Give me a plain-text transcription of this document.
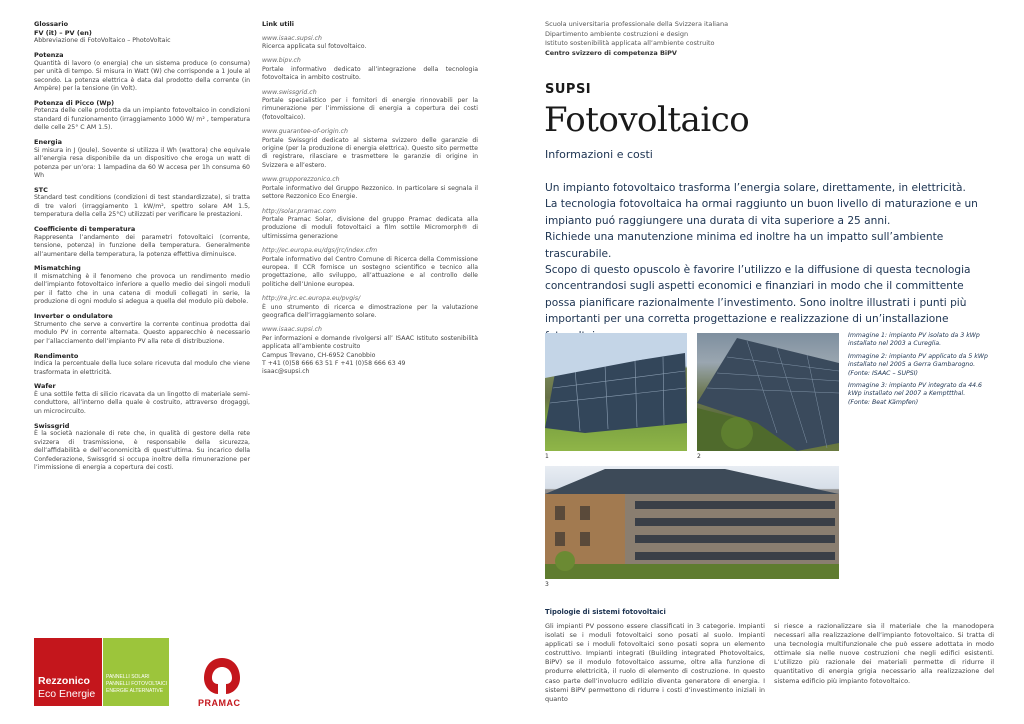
Glossario
FV (it) – PV (en)
Abbreviazione di FotoVoltaico – PhotoVoltaic
Potenza
Quantità di lavoro (o energia) che un sistema produce (o consuma) per unità di tempo. Si misura in Watt (W) che corrisponde a 1 Joule al secondo. La potenza elettrica è data dal prodotto della corrente (in Ampère) per la tensione (in Volt).
Potenza di Picco (Wp)
Potenza delle celle prodotta da un impianto fotovoltaico in condizioni standard di funzionamento (irraggiamento 1000 W/ m² , temperatura delle celle 25° C AM 1.5).
Energia
Si misura in J (Joule). Sovente si utilizza il Wh (wattora) che equivale all’energia resa disponibile da un dispositivo che eroga un watt di potenza per un’ora: 1 lampadina da 60 W accesa per 1h consuma 60 Wh
STC
Standard test conditions (condizioni di test standardizzate), si tratta di tre valori (irraggiamento 1 kW/m², spettro solare AM 1.5, temperatura della cella 25°C) utilizzati per verificare le prestazioni.
Coefficiente di temperatura
Rappresenta l’andamento dei parametri fotovoltaici (corrente, tensione, potenza) in funzione della temperatura. Generalmente all’aumentare della temperatura, la potenza effettiva diminuisce.
Mismatching
Il mismatching è il fenomeno che provoca un rendimento medio dell’impianto fotovoltaico inferiore a quello medio dei singoli moduli per il fatto che in una catena di moduli collegati in serie, la produzione di ogni modulo si adegua a quella del modulo più debole.
Inverter o ondulatore
Strumento che serve a convertire la corrente continua prodotta dai modulo PV in corrente alternata. Questo apparecchio è necessario per l’allacciamento dell’impianto PV alla rete di distribuzione.
Rendimento
Indica la percentuale della luce solare ricevuta dal modulo che viene trasformata in elettricità.
Wafer
È una sottile fetta di silicio ricavata da un lingotto di materiale semi-conduttore, all’interno della quale è costruito, attraverso drogaggi, un microcircuito.
Swissgrid
È la società nazionale di rete che, in qualità di gestore della rete svizzera di trasmissione, è responsabile della sicurezza, dell’affidabilità e dell’economicità di quest’ultima. Su incarico della Confederazione, Swissgrid si occupa inoltre della rimunerazione per l’immissione di energia a copertura dei costi.
Link utili
www.isaac.supsi.ch
Ricerca applicata sul fotovoltaico.
www.bipv.ch
Portale informativo dedicato all’integrazione della tecnologia fotovoltaica in ambito costruito.
www.swissgrid.ch
Portale specialistico per i fornitori di energie rinnovabili per la rimunerazione per l’immissione di energia a copertura dei costi (fotovoltaico).
www.guarantee-of-origin.ch
Portale Swissgrid dedicato al sistema svizzero delle garanzie di origine (per la produzione di energia elettrica). Questo sito permette di registrare, rilasciare e trasmettere le garanzie di origine in Svizzera e all’estero.
www.grupporezzonico.ch
Portale informativo del Gruppo Rezzonico. In particolare si segnala il settore Rezzonico Eco Energie.
http://solar.pramac.com
Portale Pramac Solar, divisione del gruppo Pramac dedicata alla produzione di moduli fotovoltaici a film sottile Micromorph® di ultimissima generazione
http://ec.europa.eu/dgs/jrc/index.cfm
Portale informativo del Centro Comune di Ricerca della Commissione europea. Il CCR fornisce un sostegno scientifico e tecnico alla progettazione, allo sviluppo, all’attuazione e al controllo delle politiche dell’Unione europea.
http://re.jrc.ec.europa.eu/pvgis/
È uno strumento di ricerca e dimostrazione per la valutazione geografica dell’irraggiamento solare.
www.isaac.supsi.ch
Per informazioni e domande rivolgersi all’ ISAAC Istituto sostenibilità applicata all’ambiente costruito
Campus Trevano, CH-6952 Canobbio
T +41 (0)58 666 63 51 F +41 (0)58 666 63 49
isaac@supsi.ch
Scuola universitaria professionale della Svizzera italiana
Dipartimento ambiente costruzioni e design
Istituto sostenibilità applicata all’ambiente costruito
Centro svizzero di competenza BiPV
SUPSI
Fotovoltaico
Informazioni e costi

Un impianto fotovoltaico trasforma l’energia solare, direttamente, in elettricità.

La tecnologia fotovoltaica ha ormai raggiunto un buon livello di maturazione e un impianto puó raggiungere una durata di vita superiore a 25 anni.

Richiede una manutenzione minima ed inoltre ha un impatto sull’ambiente trascurabile.

Scopo di questo opuscolo è favorire l’utilizzo e la diffusione di questa tecnologia concentrandosi sugli aspetti economici e finanziari in modo che il committente possa pianificare razionalmente l’investimento. Sono inoltre illustrati i punti più importanti per una corretta progettazione e realizzazione di un’installazione

1	2
3

Immagine 1: impianto PV isolato da 3 kWp installato nel 2003 a Cureglia.

Immagine 2: impianto PV applicato da 5 kWp installato nel 2005 a Gerra Gambarogno. (Fonte: ISAAC – SUPSI)

Immagine 3: impianto PV integrato da 44.6 kWp installato nel 2007 a Kempttthal. (Fonte: Beat Kämpfen)

Tipologie di sistemi fotovoltaici
Gli impianti PV possono essere classificati in 3 categorie. Impianti isolati se i moduli fotovoltaici sono posati al suolo. Impianti applicati se i moduli fotovoltaici sono posati sopra un elemento costruttivo. Impianti integrati (Building integrated Photovoltaics, BiPV) se il modulo fotovoltaico assume, oltre alla funzione di produrre elettricità, il ruolo di elemento di costruzione. In questo caso parte dell’involucro edilizio diventa generatore di energia. I sistemi BiPV permettono di ridurre i costi d’investimento iniziali in quanto
si riesce a razionalizzare sia il materiale che la manodopera necessari alla realizzazione dell’impianto fotovoltaico. Si tratta di una tecnologia multifunzionale che può essere adottata in modo ottimale sia nelle nuove costruzioni che negli edifici esistenti. L’utilizzo più razionale dei materiali permette di ridurre il quantitativo di energia grigia necessario alla realizzazione del sistema edificio più impianto fotovoltaico.
Rezzonico
Eco Energie
PANNELLI SOLARI
PANNELLI FOTOVOLTAICI
ENERGIE ALTERNATIVE
PRAMAC
